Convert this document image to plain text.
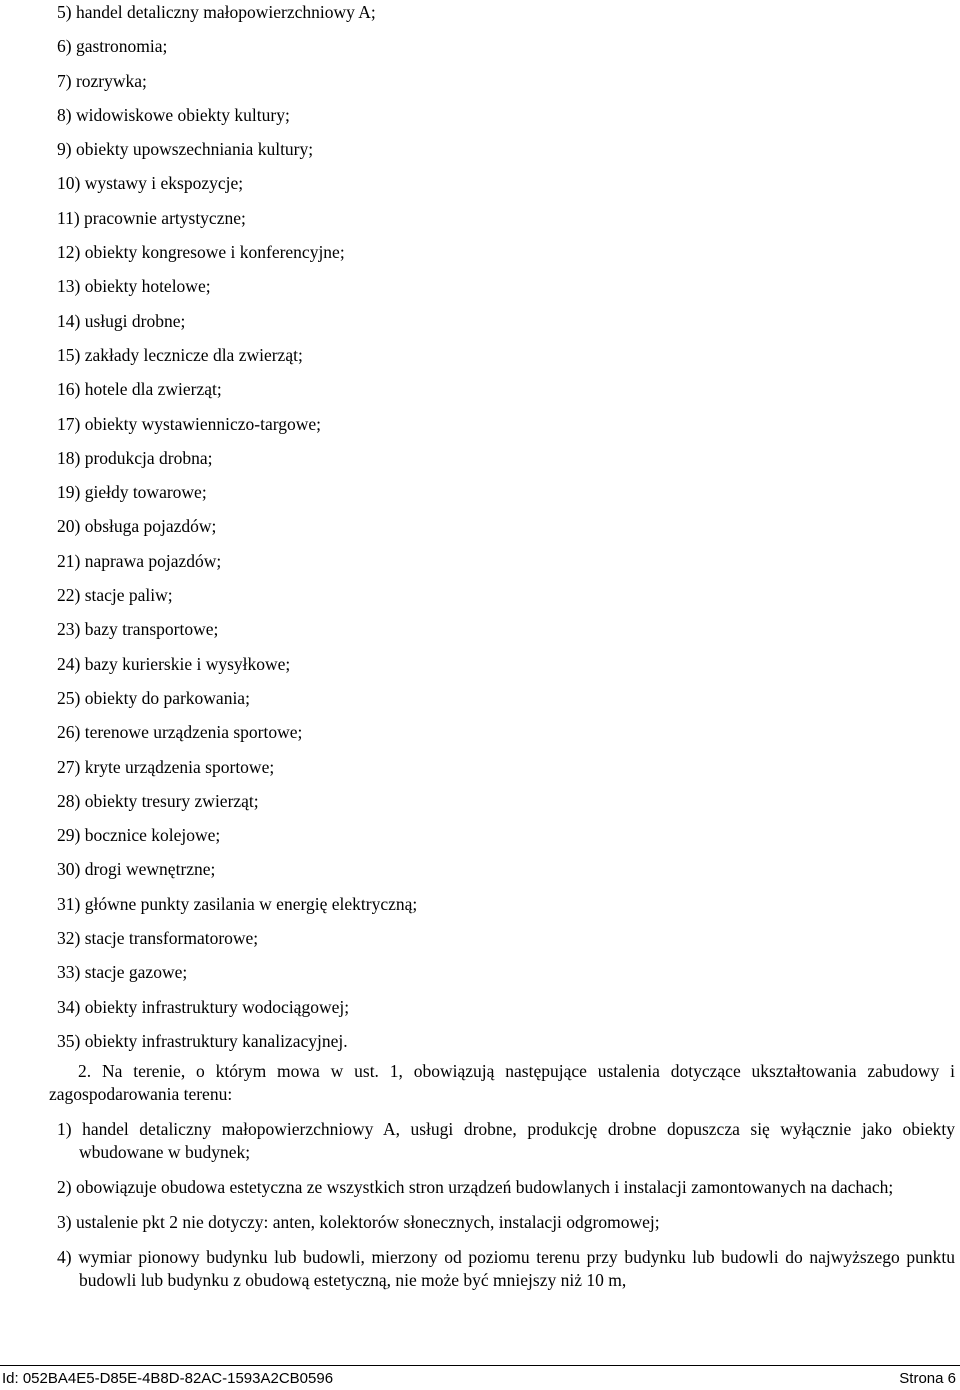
5) handel detaliczny małopowierzchniowy A;
6) gastronomia;
7) rozrywka;
8) widowiskowe obiekty kultury;
9) obiekty upowszechniania kultury;
10) wystawy i ekspozycje;
11) pracownie artystyczne;
12) obiekty kongresowe i konferencyjne;
13) obiekty hotelowe;
14) usługi drobne;
15) zakłady lecznicze dla zwierząt;
16) hotele dla zwierząt;
17) obiekty wystawienniczo-targowe;
18) produkcja drobna;
19) giełdy towarowe;
20) obsługa pojazdów;
21) naprawa pojazdów;
22) stacje paliw;
23) bazy transportowe;
24) bazy kurierskie i wysyłkowe;
25) obiekty do parkowania;
26) terenowe urządzenia sportowe;
27) kryte urządzenia sportowe;
28) obiekty tresury zwierząt;
29) bocznice kolejowe;
30) drogi wewnętrzne;
31) główne punkty zasilania w energię elektryczną;
32) stacje transformatorowe;
33) stacje gazowe;
34) obiekty infrastruktury wodociągowej;
35) obiekty infrastruktury kanalizacyjnej.

2. Na terenie, o którym mowa w ust. 1, obowiązują następujące ustalenia dotyczące ukształtowania zabudowy i zagospodarowania terenu:

1) handel detaliczny małopowierzchniowy A, usługi drobne, produkcję drobne dopuszcza się wyłącznie jako obiekty wbudowane w budynek;
2) obowiązuje obudowa estetyczna ze wszystkich stron urządzeń budowlanych i instalacji zamontowanych na dachach;
3) ustalenie pkt 2 nie dotyczy: anten, kolektorów słonecznych, instalacji odgromowej;
4) wymiar pionowy budynku lub budowli, mierzony od poziomu terenu przy budynku lub budowli do najwyższego punktu budowli lub budynku z obudową estetyczną, nie może być mniejszy niż 10 m,
Id: 052BA4E5-D85E-4B8D-82AC-1593A2CB0596	Strona 6
